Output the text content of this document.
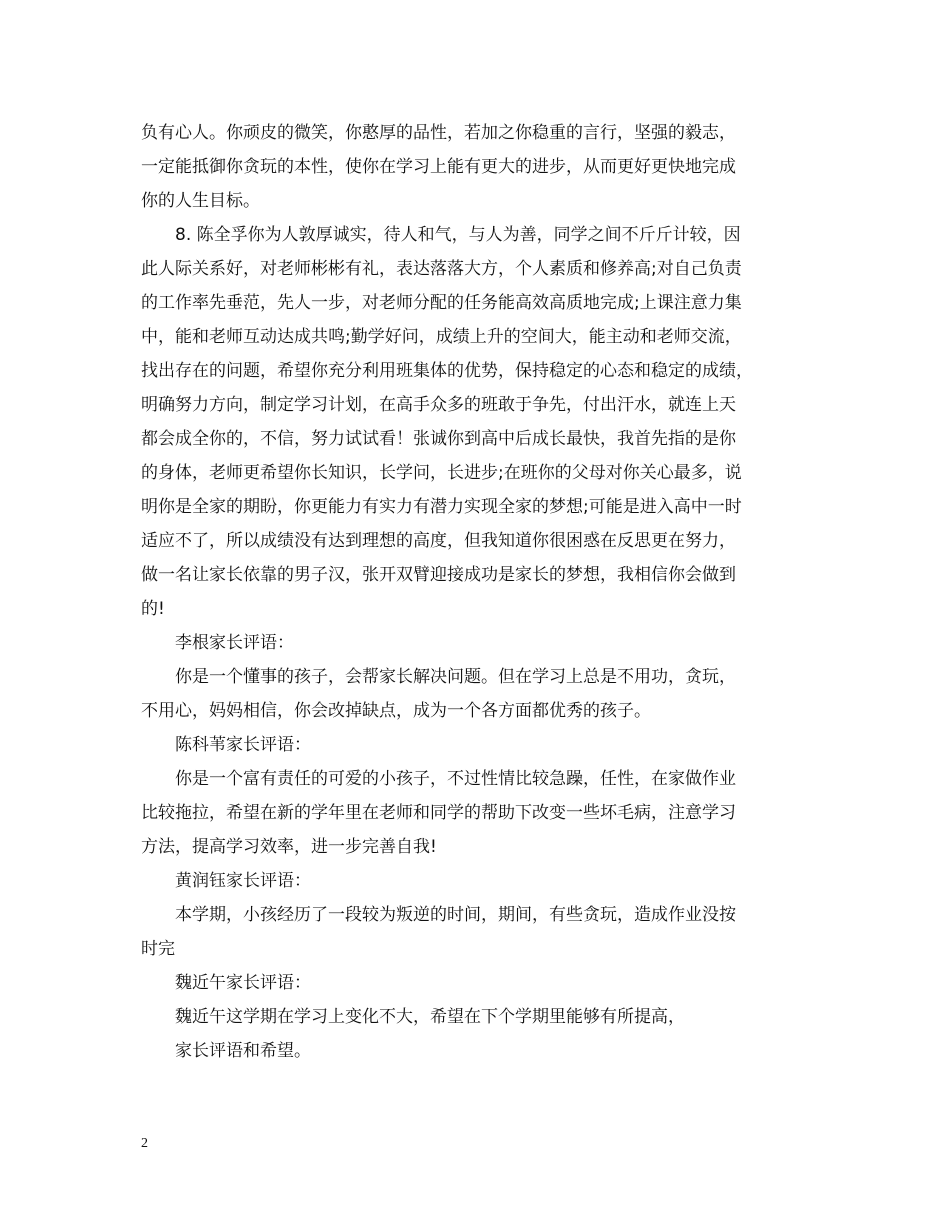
负有心人。你顽皮的微笑，你憨厚的品性，若加之你稳重的言行，坚强的毅志，
一定能抵御你贪玩的本性，使你在学习上能有更大的进步，从而更好更快地完成
你的人生目标。

8. 陈全孚你为人敦厚诚实，待人和气，与人为善，同学之间不斤斤计较，因
此人际关系好，对老师彬彬有礼，表达落落大方，个人素质和修养高;对自己负责
的工作率先垂范，先人一步，对老师分配的任务能高效高质地完成;上课注意力集
中，能和老师互动达成共鸣;勤学好问，成绩上升的空间大，能主动和老师交流，
找出存在的问题，希望你充分利用班集体的优势，保持稳定的心态和稳定的成绩，
明确努力方向，制定学习计划，在高手众多的班敢于争先，付出汗水，就连上天
都会成全你的，不信，努力试试看！张诚你到高中后成长最快，我首先指的是你
的身体，老师更希望你长知识，长学问，长进步;在班你的父母对你关心最多，说
明你是全家的期盼，你更能力有实力有潜力实现全家的梦想;可能是进入高中一时
适应不了，所以成绩没有达到理想的高度，但我知道你很困惑在反思更在努力，
做一名让家长依靠的男子汉，张开双臂迎接成功是家长的梦想，我相信你会做到
的!

李根家长评语：

你是一个懂事的孩子，会帮家长解决问题。但在学习上总是不用功，贪玩，
不用心，妈妈相信，你会改掉缺点，成为一个各方面都优秀的孩子。

陈科苇家长评语：

你是一个富有责任的可爱的小孩子，不过性情比较急躁，任性，在家做作业
比较拖拉，希望在新的学年里在老师和同学的帮助下改变一些坏毛病，注意学习
方法，提高学习效率，进一步完善自我!

黄润钰家长评语：

本学期，小孩经历了一段较为叛逆的时间，期间，有些贪玩，造成作业没按
时完

魏近午家长评语：

魏近午这学期在学习上变化不大，希望在下个学期里能够有所提高，
家长评语和希望。

2
